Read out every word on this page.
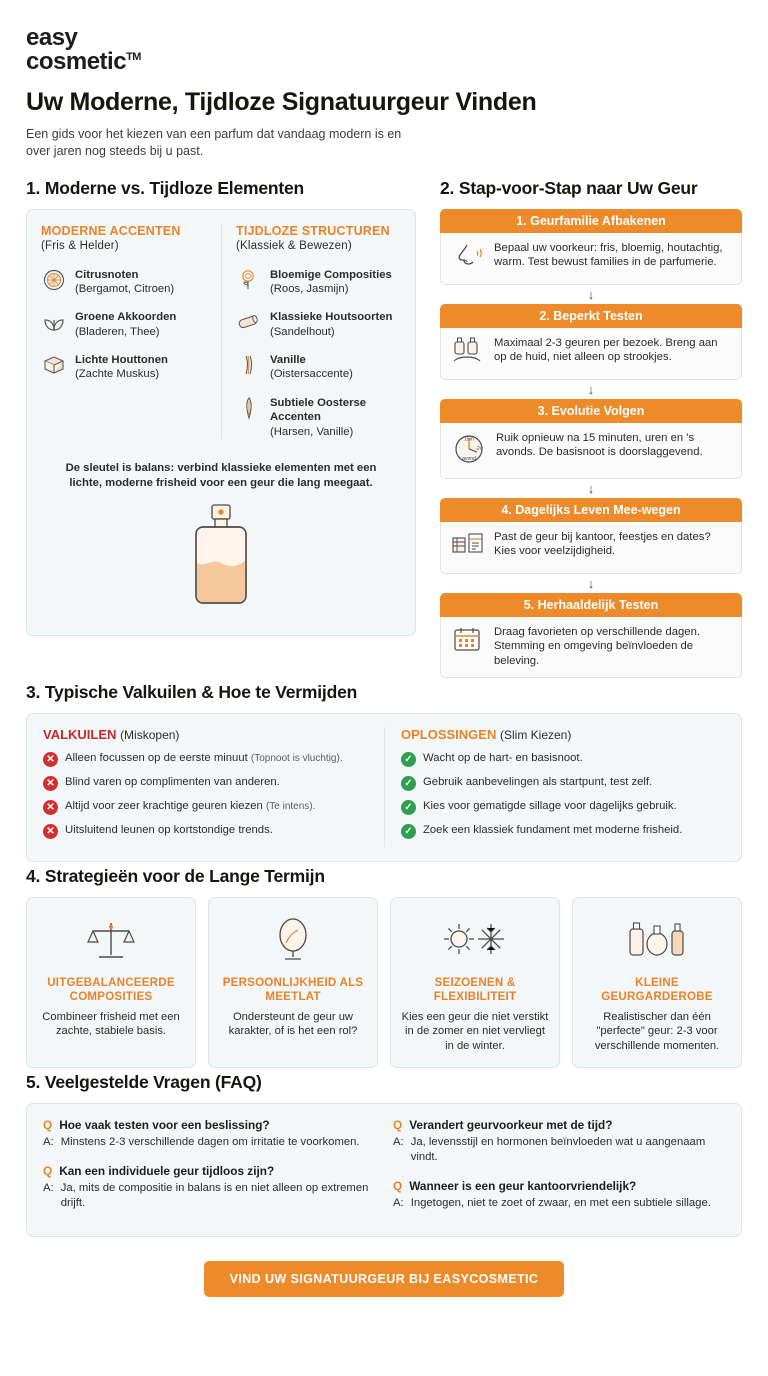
easy
cosmetic™
Uw Moderne, Tijdloze Signatuurgeur Vinden

Een gids voor het kiezen van een parfum dat vandaag modern is en over jaren nog steeds bij u past.

1. Moderne vs. Tijdloze Elementen
MODERNE ACCENTEN
(Fris & Helder)
Citrusnoten
(Bergamot, Citroen)
Groene Akkoorden
(Bladeren, Thee)
Lichte Houttonen
(Zachte Muskus)
TIJDLOZE STRUCTUREN
(Klassiek & Bewezen)
Bloemige Composities
(Roos, Jasmijn)
Klassieke Houtsoorten
(Sandelhout)
Vanille
(Oistersaccente)
Subtiele Oosterse Accenten
(Harsen, Vanille)
De sleutel is balans: verbind klassieke elementen met een lichte, moderne frisheid voor een geur die lang meegaat.
2. Stap-voor-Stap naar Uw Geur
1. Geurfamilie Afbakenen
Bepaal uw voorkeur: fris, bloemig, houtachtig, warm. Test bewust families in de parfumerie.
↓
2. Beperkt Testen
Maximaal 2-3 geuren per bezoek. Breng aan op de huid, niet alleen op strookjes.
↓
3. Evolutie Volgen
15m
-2u
avond
Ruik opnieuw na 15 minuten, uren en 's avonds. De basisnoot is doorslaggevend.
↓
4. Dagelijks Leven Mee-wegen
Past de geur bij kantoor, feestjes en dates? Kies voor veelzijdigheid.
↓
5. Herhaaldelijk Testen
Draag favorieten op verschillende dagen. Stemming en omgeving beïnvloeden de beleving.
3. Typische Valkuilen & Hoe te Vermijden
VALKUILEN (Miskopen)
✕ Alleen focussen op de eerste minuut (Topnoot is vluchtig).
✕ Blind varen op complimenten van anderen.
✕ Altijd voor zeer krachtige geuren kiezen (Te intens).
✕ Uitsluitend leunen op kortstondige trends.
OPLOSSINGEN (Slim Kiezen)
✓ Wacht op de hart- en basisnoot.
✓ Gebruik aanbevelingen als startpunt, test zelf.
✓ Kies voor gematigde sillage voor dagelijks gebruik.
✓ Zoek een klassiek fundament met moderne frisheid.
4. Strategieën voor de Lange Termijn
UITGEBALANCEERDE COMPOSITIES
Combineer frisheid met een zachte, stabiele basis.
PERSOONLIJKHEID ALS MEETLAT
Ondersteunt de geur uw karakter, of is het een rol?
SEIZOENEN & FLEXIBILITEIT
Kies een geur die niet verstikt in de zomer en niet vervliegt in de winter.
KLEINE GEURGARDEROBE
Realistischer dan één "perfecte" geur: 2-3 voor verschillende momenten.
5. Veelgestelde Vragen (FAQ)
Q Hoe vaak testen voor een beslissing?
A: Minstens 2-3 verschillende dagen om irritatie te voorkomen.
Q Kan een individuele geur tijdloos zijn?
A: Ja, mits de compositie in balans is en niet alleen op extremen drijft.
Q Verandert geurvoorkeur met de tijd?
A: Ja, levensstijl en hormonen beïnvloeden wat u aangenaam vindt.
Q Wanneer is een geur kantoorvriendelijk?
A: Ingetogen, niet te zoet of zwaar, en met een subtiele sillage.
VIND UW SIGNATUURGEUR BIJ EASYCOSMETIC
